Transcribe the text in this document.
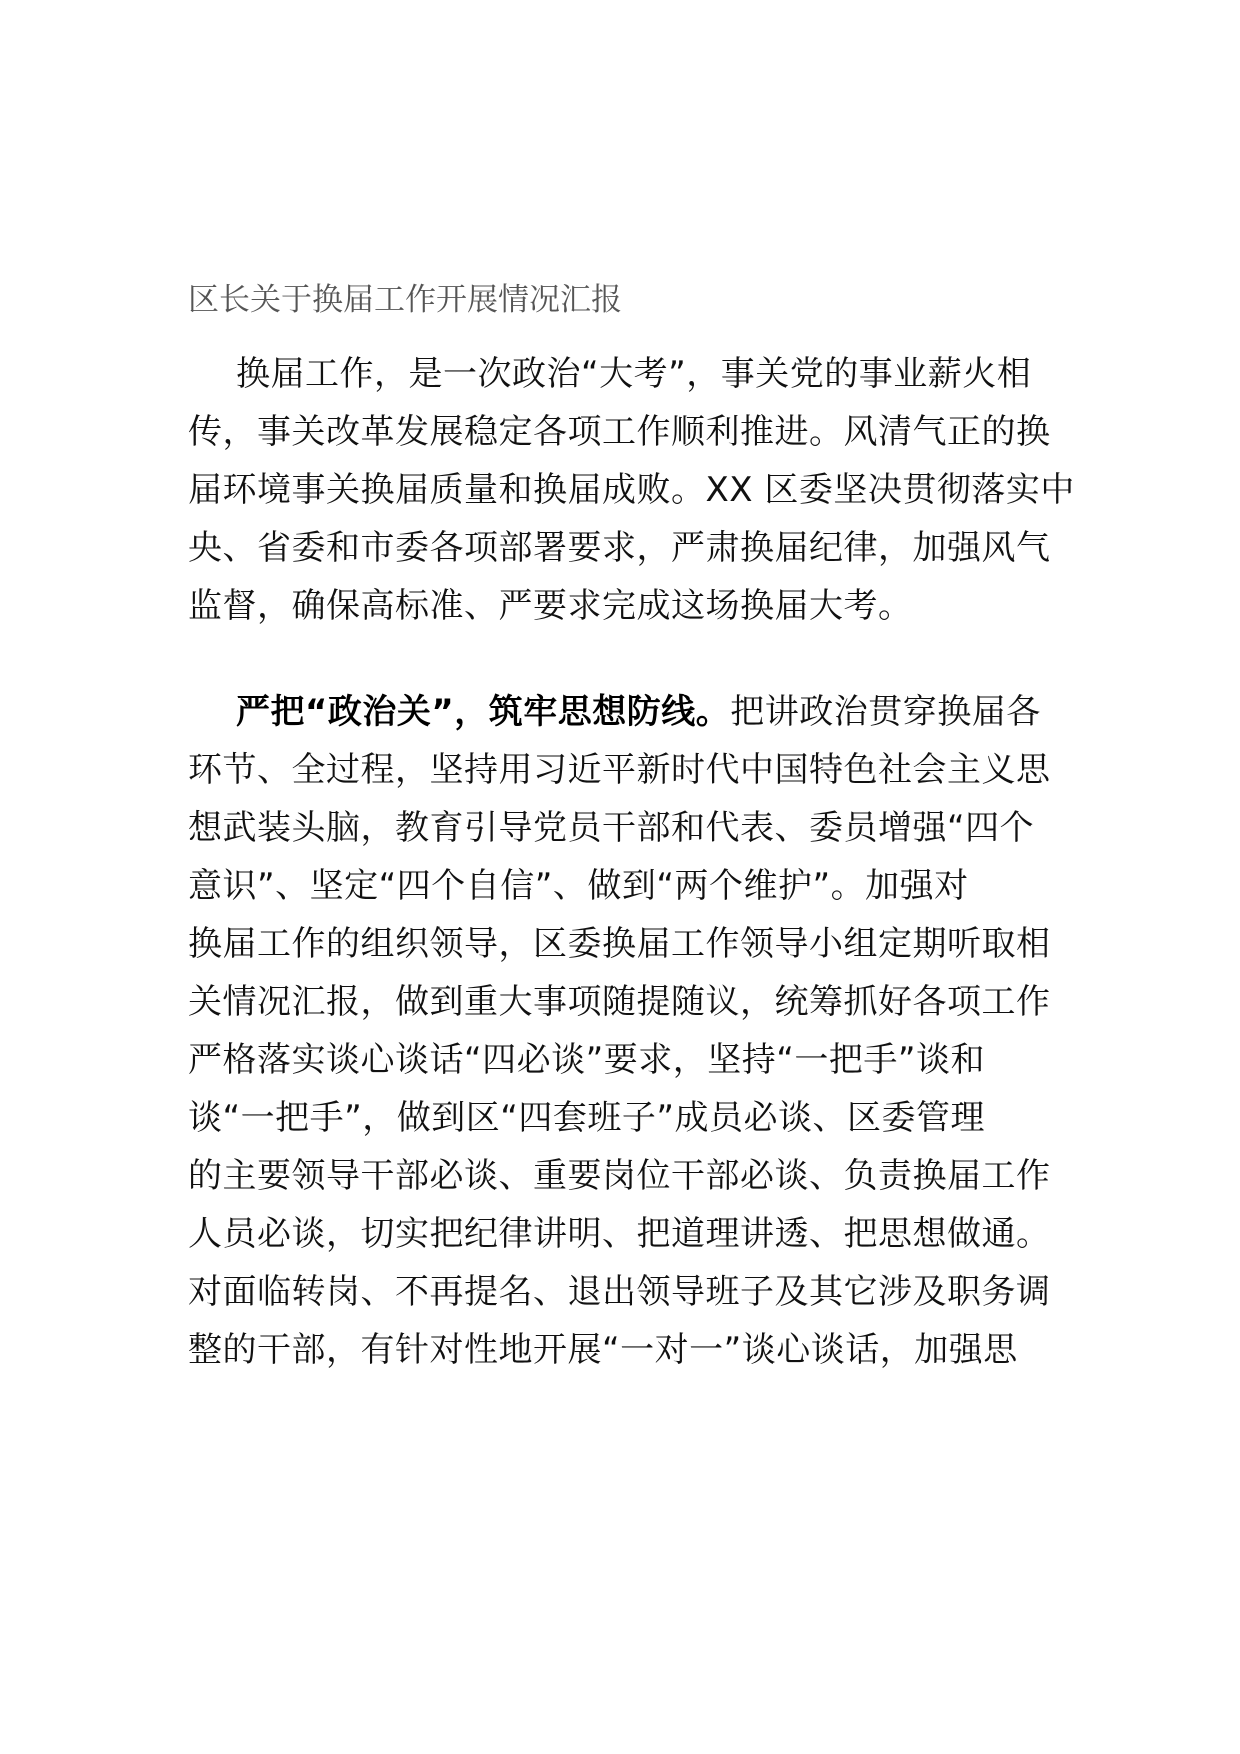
区长关于换届工作开展情况汇报
换届工作，是一次政治“大考”，事关党的事业薪火相
传，事关改革发展稳定各项工作顺利推进。风清气正的换
届环境事关换届质量和换届成败。XX 区委坚决贯彻落实中
央、省委和市委各项部署要求，严肃换届纪律，加强风气
监督，确保高标准、严要求完成这场换届大考。
严把“政治关”，筑牢思想防线。把讲政治贯穿换届各
环节、全过程，坚持用习近平新时代中国特色社会主义思
想武装头脑，教育引导党员干部和代表、委员增强“四个
意识”、坚定“四个自信”、做到“两个维护”。加强对
换届工作的组织领导，区委换届工作领导小组定期听取相
关情况汇报，做到重大事项随提随议，统筹抓好各项工作
严格落实谈心谈话“四必谈”要求，坚持“一把手”谈和
谈“一把手”，做到区“四套班子”成员必谈、区委管理
的主要领导干部必谈、重要岗位干部必谈、负责换届工作
人员必谈，切实把纪律讲明、把道理讲透、把思想做通。
对面临转岗、不再提名、退出领导班子及其它涉及职务调
整的干部，有针对性地开展“一对一”谈心谈话，加强思
